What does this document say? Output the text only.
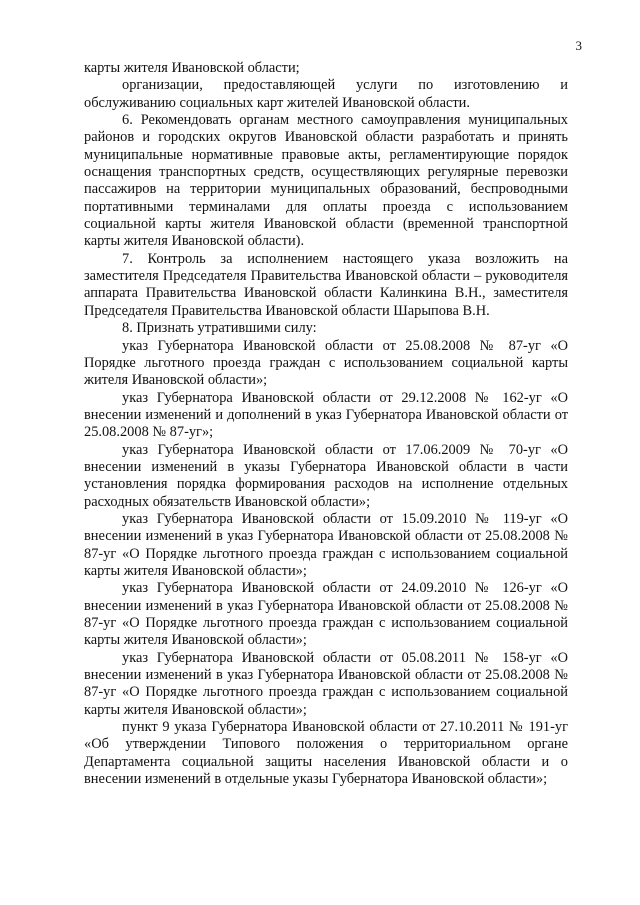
3

карты жителя Ивановской области;

организации, предоставляющей услуги по изготовлению и обслуживанию социальных карт жителей Ивановской области.

6. Рекомендовать органам местного самоуправления муниципальных районов и городских округов Ивановской области разработать и принять муниципальные нормативные правовые акты, регламентирующие порядок оснащения транспортных средств, осуществляющих регулярные перевозки пассажиров на территории муниципальных образований, беспроводными портативными терминалами для оплаты проезда с использованием социальной карты жителя Ивановской области (временной транспортной карты жителя Ивановской области).

7. Контроль за исполнением настоящего указа возложить на заместителя Председателя Правительства Ивановской области – руководителя аппарата Правительства Ивановской области Калинкина В.Н., заместителя Председателя Правительства Ивановской области Шарыпова В.Н.

8. Признать утратившими силу:

указ Губернатора Ивановской области от 25.08.2008 № 87-уг «О Порядке льготного проезда граждан с использованием социальной карты жителя Ивановской области»;

указ Губернатора Ивановской области от 29.12.2008 № 162-уг «О внесении изменений и дополнений в указ Губернатора Ивановской области от 25.08.2008 № 87-уг»;

указ Губернатора Ивановской области от 17.06.2009 № 70-уг «О внесении изменений в указы Губернатора Ивановской области в части установления порядка формирования расходов на исполнение отдельных расходных обязательств Ивановской области»;

указ Губернатора Ивановской области от 15.09.2010 № 119-уг «О внесении изменений в указ Губернатора Ивановской области от 25.08.2008 № 87-уг «О Порядке льготного проезда граждан с использованием социальной карты жителя Ивановской области»;

указ Губернатора Ивановской области от 24.09.2010 № 126-уг «О внесении изменений в указ Губернатора Ивановской области от 25.08.2008 № 87-уг «О Порядке льготного проезда граждан с использованием социальной карты жителя Ивановской области»;

указ Губернатора Ивановской области от 05.08.2011 № 158-уг «О внесении изменений в указ Губернатора Ивановской области от 25.08.2008 № 87-уг «О Порядке льготного проезда граждан с использованием социальной карты жителя Ивановской области»;

пункт 9 указа Губернатора Ивановской области от 27.10.2011 № 191-уг «Об утверждении Типового положения о территориальном органе Департамента социальной защиты населения Ивановской области и о внесении изменений в отдельные указы Губернатора Ивановской области»;
